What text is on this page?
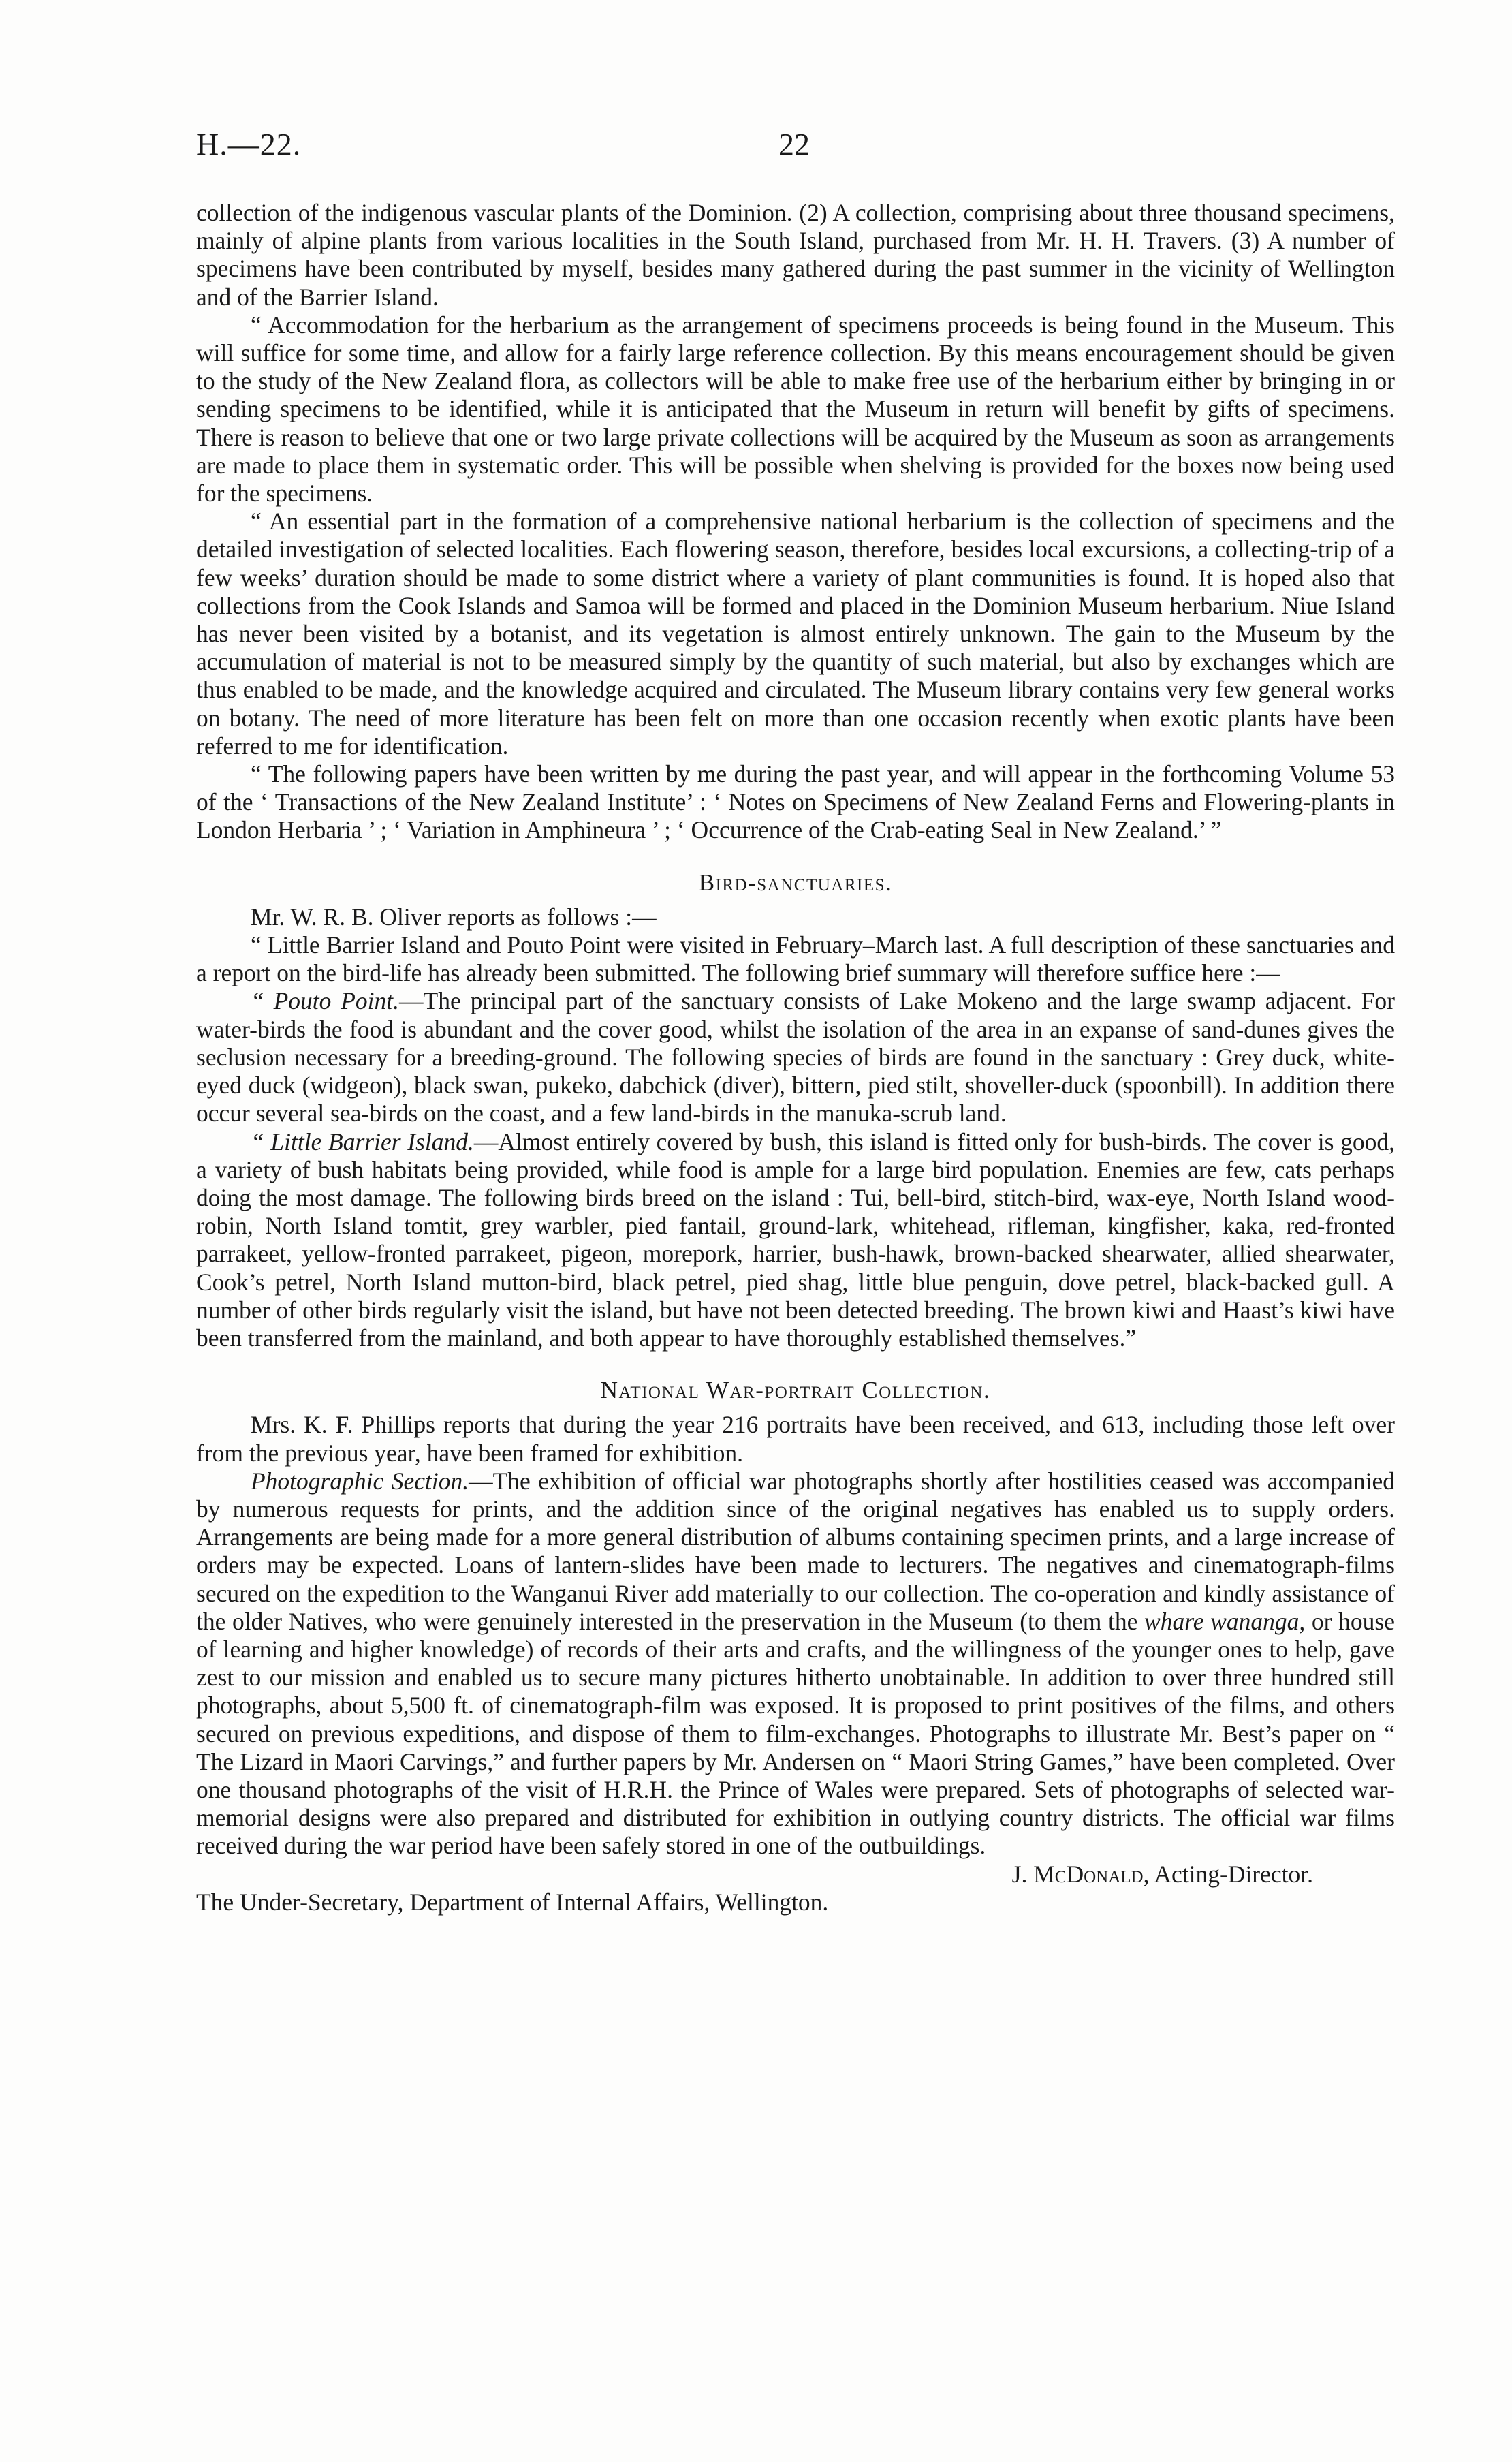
H.—22.	22

collection of the indigenous vascular plants of the Dominion. (2) A collection, comprising about three thousand specimens, mainly of alpine plants from various localities in the South Island, purchased from Mr. H. H. Travers. (3) A number of specimens have been contributed by myself, besides many gathered during the past summer in the vicinity of Wellington and of the Barrier Island.

“ Accommodation for the herbarium as the arrangement of specimens proceeds is being found in the Museum. This will suffice for some time, and allow for a fairly large reference collection. By this means encouragement should be given to the study of the New Zealand flora, as collectors will be able to make free use of the herbarium either by bringing in or sending specimens to be identified, while it is anticipated that the Museum in return will benefit by gifts of specimens. There is reason to believe that one or two large private collections will be acquired by the Museum as soon as arrangements are made to place them in systematic order. This will be possible when shelving is provided for the boxes now being used for the specimens.

“ An essential part in the formation of a comprehensive national herbarium is the collection of specimens and the detailed investigation of selected localities. Each flowering season, therefore, besides local excursions, a collecting-trip of a few weeks’ duration should be made to some district where a variety of plant communities is found. It is hoped also that collections from the Cook Islands and Samoa will be formed and placed in the Dominion Museum herbarium. Niue Island has never been visited by a botanist, and its vegetation is almost entirely unknown. The gain to the Museum by the accumulation of material is not to be measured simply by the quantity of such material, but also by exchanges which are thus enabled to be made, and the knowledge acquired and circulated. The Museum library contains very few general works on botany. The need of more literature has been felt on more than one occasion recently when exotic plants have been referred to me for identification.

“ The following papers have been written by me during the past year, and will appear in the forthcoming Volume 53 of the ‘ Transactions of the New Zealand Institute’ : ‘ Notes on Specimens of New Zealand Ferns and Flowering-plants in London Herbaria ’ ; ‘ Variation in Amphineura ’ ; ‘ Occurrence of the Crab-eating Seal in New Zealand.’ ”

Bird-sanctuaries.

Mr. W. R. B. Oliver reports as follows :—

“ Little Barrier Island and Pouto Point were visited in February–March last. A full description of these sanctuaries and a report on the bird-life has already been submitted. The following brief summary will therefore suffice here :—

“ Pouto Point.—The principal part of the sanctuary consists of Lake Mokeno and the large swamp adjacent. For water-birds the food is abundant and the cover good, whilst the isolation of the area in an expanse of sand-dunes gives the seclusion necessary for a breeding-ground. The following species of birds are found in the sanctuary : Grey duck, white-eyed duck (widgeon), black swan, pukeko, dabchick (diver), bittern, pied stilt, shoveller-duck (spoonbill). In addition there occur several sea-birds on the coast, and a few land-birds in the manuka-scrub land.

“ Little Barrier Island.—Almost entirely covered by bush, this island is fitted only for bush-birds. The cover is good, a variety of bush habitats being provided, while food is ample for a large bird population. Enemies are few, cats perhaps doing the most damage. The following birds breed on the island : Tui, bell-bird, stitch-bird, wax-eye, North Island wood-robin, North Island tomtit, grey warbler, pied fantail, ground-lark, whitehead, rifleman, kingfisher, kaka, red-fronted parrakeet, yellow-fronted parrakeet, pigeon, morepork, harrier, bush-hawk, brown-backed shearwater, allied shearwater, Cook’s petrel, North Island mutton-bird, black petrel, pied shag, little blue penguin, dove petrel, black-backed gull. A number of other birds regularly visit the island, but have not been detected breeding. The brown kiwi and Haast’s kiwi have been transferred from the mainland, and both appear to have thoroughly established themselves.”

National War-portrait Collection.

Mrs. K. F. Phillips reports that during the year 216 portraits have been received, and 613, including those left over from the previous year, have been framed for exhibition.

Photographic Section.—The exhibition of official war photographs shortly after hostilities ceased was accompanied by numerous requests for prints, and the addition since of the original negatives has enabled us to supply orders. Arrangements are being made for a more general distribution of albums containing specimen prints, and a large increase of orders may be expected. Loans of lantern-slides have been made to lecturers. The negatives and cinematograph-films secured on the expedition to the Wanganui River add materially to our collection. The co-operation and kindly assistance of the older Natives, who were genuinely interested in the preservation in the Museum (to them the whare wananga, or house of learning and higher knowledge) of records of their arts and crafts, and the willingness of the younger ones to help, gave zest to our mission and enabled us to secure many pictures hitherto unobtainable. In addition to over three hundred still photographs, about 5,500 ft. of cinematograph-film was exposed. It is proposed to print positives of the films, and others secured on previous expeditions, and dispose of them to film-exchanges. Photographs to illustrate Mr. Best’s paper on “ The Lizard in Maori Carvings,” and further papers by Mr. Andersen on “ Maori String Games,” have been completed. Over one thousand photographs of the visit of H.R.H. the Prince of Wales were prepared. Sets of photographs of selected war-memorial designs were also prepared and distributed for exhibition in outlying country districts. The official war films received during the war period have been safely stored in one of the outbuildings.

J. McDonald, Acting-Director.

The Under-Secretary, Department of Internal Affairs, Wellington.
